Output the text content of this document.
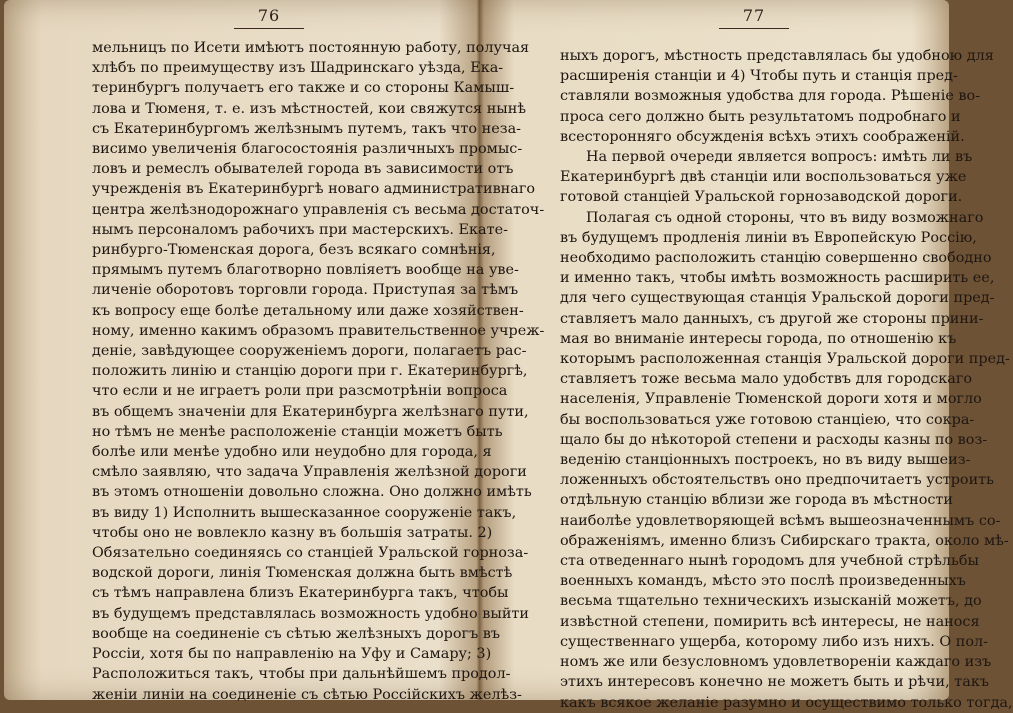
76
мельницъ по Исети имѣютъ постоянную работу, получая
хлѣбъ по преимуществу изъ Шадринскаго уѣзда, Ека-
теринбургъ получаетъ его также и со стороны Камыш-
лова и Тюменя, т. е. изъ мѣстностей, кои свяжутся нынѣ
съ Екатеринбургомъ желѣзнымъ путемъ, такъ что неза-
висимо увеличенія благосостоянія различныхъ промыс-
ловъ и ремеслъ обывателей города въ зависимости отъ
учрежденія въ Екатеринбургѣ новаго административнаго
центра желѣзнодорожнаго управленія съ весьма достаточ-
нымъ персоналомъ рабочихъ при мастерскихъ. Екате-
ринбурго-Тюменская дорога, безъ всякаго сомнѣнія,
прямымъ путемъ благотворно повліяетъ вообще на уве-
личеніе оборотовъ торговли города. Приступая за тѣмъ
къ вопросу еще болѣе детальному или даже хозяйствен-
ному, именно какимъ образомъ правительственное учреж-
деніе, завѣдующее сооруженіемъ дороги, полагаетъ рас-
положить линію и станцію дороги при г. Екатеринбургѣ,
что если и не играетъ роли при разсмотрѣніи вопроса
въ общемъ значеніи для Екатеринбурга желѣзнаго пути,
но тѣмъ не менѣе расположеніе станціи можетъ быть
болѣе или менѣе удобно или неудобно для города, я
смѣло заявляю, что задача Управленія желѣзной дороги
въ этомъ отношеніи довольно сложна. Оно должно имѣть
въ виду 1) Исполнить вышесказанное сооруженіе такъ,
чтобы оно не вовлекло казну въ большія затраты. 2)
Обязательно соединяясь со станціей Уральской горноза-
водской дороги, линія Тюменская должна быть вмѣстѣ
съ тѣмъ направлена близъ Екатеринбурга такъ, чтобы
въ будущемъ представлялась возможность удобно выйти
вообще на соединеніе съ сѣтью желѣзныхъ дорогъ въ
Россіи, хотя бы по направленію на Уфу и Самару; 3)
Расположиться такъ, чтобы при дальнѣйшемъ продол-
женіи линіи на соединеніе съ сѣтью Россійскихъ желѣз-
77
ныхъ дорогъ, мѣстность представлялась бы удобною для
расширенія станціи и 4) Чтобы путь и станція пред-
ставляли возможныя удобства для города. Рѣшеніе во-
проса сего должно быть результатомъ подробнаго и
всесторонняго обсужденія всѣхъ этихъ соображеній.
На первой очереди является вопросъ: имѣть ли въ
Екатеринбургѣ двѣ станціи или воспользоваться уже
готовой станціей Уральской горнозаводской дороги.
Полагая съ одной стороны, что въ виду возможнаго
въ будущемъ продленія линіи въ Европейскую Россію,
необходимо расположить станцію совершенно свободно
и именно такъ, чтобы имѣть возможность расширить ее,
для чего существующая станція Уральской дороги пред-
ставляетъ мало данныхъ, съ другой же стороны прини-
мая во вниманіе интересы города, по отношенію къ
которымъ расположенная станція Уральской дороги пред-
ставляетъ тоже весьма мало удобствъ для городскаго
населенія, Управленіе Тюменской дороги хотя и могло
бы воспользоваться уже готовою станціею, что сокра-
щало бы до нѣкоторой степени и расходы казны по воз-
веденію станціонныхъ построекъ, но въ виду вышеиз-
ложенныхъ обстоятельствъ оно предпочитаетъ устроить
отдѣльную станцію вблизи же города въ мѣстности
наиболѣе удовлетворяющей всѣмъ вышеозначеннымъ со-
ображеніямъ, именно близъ Сибирскаго тракта, около мѣ-
ста отведеннаго нынѣ городомъ для учебной стрѣльбы
военныхъ командъ, мѣсто это послѣ произведенныхъ
весьма тщательно техническихъ изысканій можетъ, до
извѣстной степени, помирить всѣ интересы, не нанося
существеннаго ущерба, которому либо изъ нихъ. О пол-
номъ же или безусловномъ удовлетвореніи каждаго изъ
этихъ интересовъ конечно не можетъ быть и рѣчи, такъ
какъ всякое желаніе разумно и осуществимо только тогда,
